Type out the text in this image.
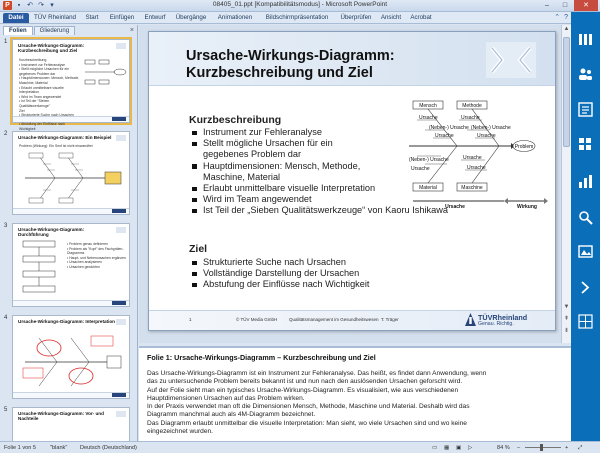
P	▪ ↶ ↷ ▾	08405_01.ppt [Kompatibilitätsmodus] - Microsoft PowerPoint	–	□	✕
Datei	TÜV Rheinland	Start	Einfügen	Entwurf	Übergänge	Animationen	Bildschirmpräsentation	Überprüfen	Ansicht	Acrobat	⌃ ?
Folien	Gliederung	×
1
Ursache-Wirkungs-Diagramm: Kurzbeschreibung und Ziel
Kurzbeschreibung
• Instrument zur Fehleranalyse
• Stellt mögliche Ursachen für ein gegebenes Problem dar
• Hauptdimensionen: Mensch, Methode, Maschine, Material
• Erlaubt unmittelbare visuelle Interpretation
• Wird im Team angewendet
• Ist Teil der "Sieben Qualitätswerkzeuge"
Ziel
• Abstufung der Einflüsse nach Wichtigkeit
2
Ursache-Wirkungs-Diagramm: Ein Beispiel
Problem (Wirkung): Ein Senf ist nicht einwandfrei
3
Ursache-Wirkungs-Diagramm: Durchführung
• Problem genau definieren
• Problem als "Kopf" des Fischgräten-Diagramms
• Haupt- und Nebenursachen ergänzen
• Ursachen analysieren
• Ursachen gewichten
4
Ursache-Wirkungs-Diagramm: Interpretation
5
Ursache-Wirkungs-Diagramm: Vor- und Nachteile
▲
▼
⇞
⇟
Ursache-Wirkungs-Diagramm:
Kurzbeschreibung und Ziel
Kurzbeschreibung
Instrument zur Fehleranalyse
Stellt mögliche Ursachen für ein
gegebenes Problem dar
Hauptdimensionen: Mensch, Methode,
Maschine, Material
Erlaubt unmittelbare visuelle Interpretation
Wird im Team angewendet
Ist Teil der „Sieben Qualitätswerkzeuge“ von Kaoru Ishikawa
Ziel
Strukturierte Suche nach Ursachen
Vollständige Darstellung der Ursachen
Abstufung der Einflüsse nach Wichtigkeit
Mensch	Methode
Material	Maschine
Problem
Ursache
(Neben-) Ursache
Ursache
Ursache
(Neben-) Ursache
Ursache
(Neben-) Ursache
Ursache
Ursache
Ursache
Ursache	Wirkung
1	© TÜV Media GmbH	Qualitätsmanagement im Gesundheitswesen T. Träger	TÜVRheinland
Genau. Richtig.
Folie 1: Ursache-Wirkungs-Diagramm – Kurzbeschreibung und Ziel

Das Ursache-Wirkungs-Diagramm ist ein Instrument zur Fehleranalyse. Das heißt, es findet dann Anwendung, wenn

das zu untersuchende Problem bereits bekannt ist und nun nach den auslösenden Ursachen geforscht wird.

Auf der Folie sieht man ein typisches Ursache-Wirkungs-Diagramm. Es visualisiert, wie aus verschiedenen

Hauptdimensionen Ursachen auf das Problem wirken.

In der Praxis verwendet man oft die Dimensionen Mensch, Methode, Maschine und Material. Deshalb wird das

Diagramm manchmal auch als 4M-Diagramm bezeichnet.

Das Diagramm erlaubt unmittelbar die visuelle Interpretation: Man sieht, wo viele Ursachen sind und wo keine

eingezeichnet wurden.

Folie 1 von 5 "blank" Deutsch (Deutschland)	▭ ▦ ▣ ▷	84 % –	+ ⤢
